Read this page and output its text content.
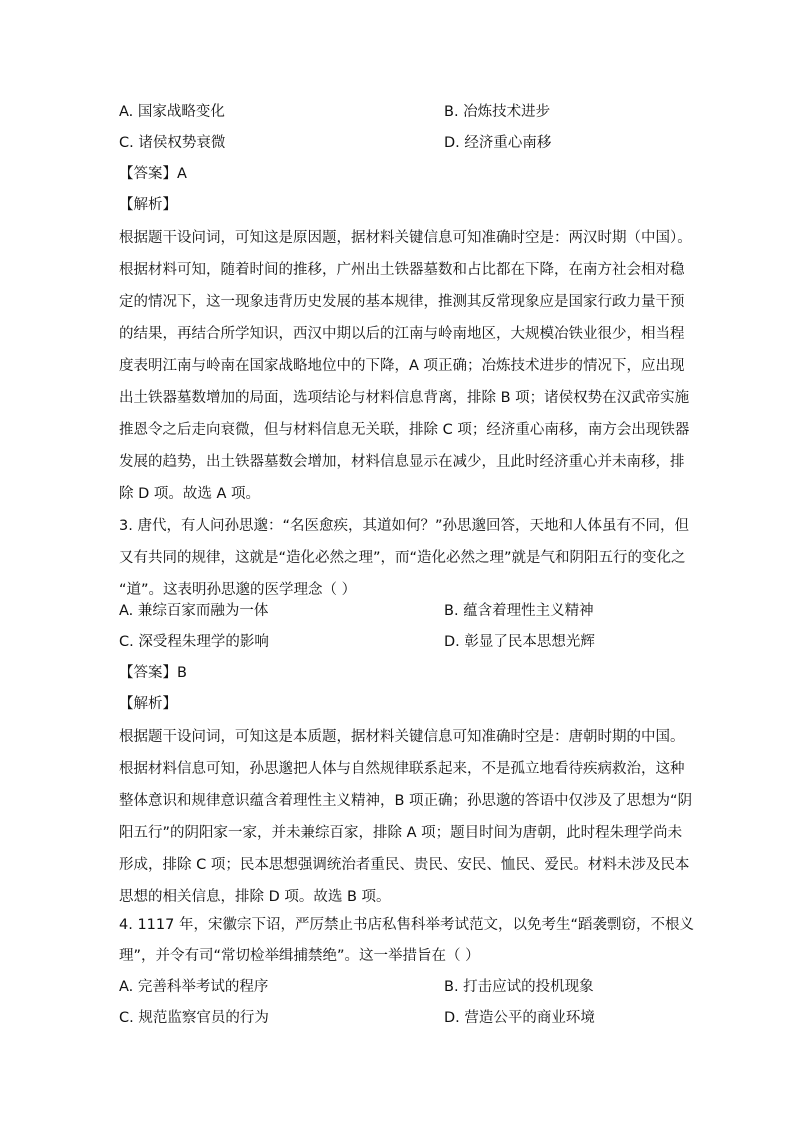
A. 国家战略变化	B. 冶炼技术进步
C. 诸侯权势衰微	D. 经济重心南移
【答案】A
【解析】
根据题干设问词，可知这是原因题，据材料关键信息可知准确时空是：两汉时期（中国）。
根据材料可知，随着时间的推移，广州出土铁器墓数和占比都在下降，在南方社会相对稳
定的情况下，这一现象违背历史发展的基本规律，推测其反常现象应是国家行政力量干预
的结果，再结合所学知识，西汉中期以后的江南与岭南地区，大规模冶铁业很少，相当程
度表明江南与岭南在国家战略地位中的下降，A 项正确；冶炼技术进步的情况下，应出现
出土铁器墓数增加的局面，选项结论与材料信息背离，排除 B 项；诸侯权势在汉武帝实施
推恩令之后走向衰微，但与材料信息无关联，排除 C 项；经济重心南移，南方会出现铁器
发展的趋势，出土铁器墓数会增加，材料信息显示在减少，且此时经济重心并未南移，排
除 D 项。故选 A 项。
3. 唐代，有人问孙思邈：“名医愈疾，其道如何？”孙思邈回答，天地和人体虽有不同，但
又有共同的规律，这就是“造化必然之理”，而“造化必然之理”就是气和阴阳五行的变化之
“道”。这表明孙思邈的医学理念（ ）
A. 兼综百家而融为一体	B. 蕴含着理性主义精神
C. 深受程朱理学的影响	D. 彰显了民本思想光辉
【答案】B
【解析】
根据题干设问词，可知这是本质题，据材料关键信息可知准确时空是：唐朝时期的中国。
根据材料信息可知，孙思邈把人体与自然规律联系起来，不是孤立地看待疾病救治，这种
整体意识和规律意识蕴含着理性主义精神，B 项正确；孙思邈的答语中仅涉及了思想为“阴
阳五行”的阴阳家一家，并未兼综百家，排除 A 项；题目时间为唐朝，此时程朱理学尚未
形成，排除 C 项；民本思想强调统治者重民、贵民、安民、恤民、爱民。材料未涉及民本
思想的相关信息，排除 D 项。故选 B 项。
4. 1117 年，宋徽宗下诏，严厉禁止书店私售科举考试范文，以免考生“蹈袭剽窃，不根义
理”，并令有司“常切检举缉捕禁绝”。这一举措旨在（ ）
A. 完善科举考试的程序	B. 打击应试的投机现象
C. 规范监察官员的行为	D. 营造公平的商业环境
